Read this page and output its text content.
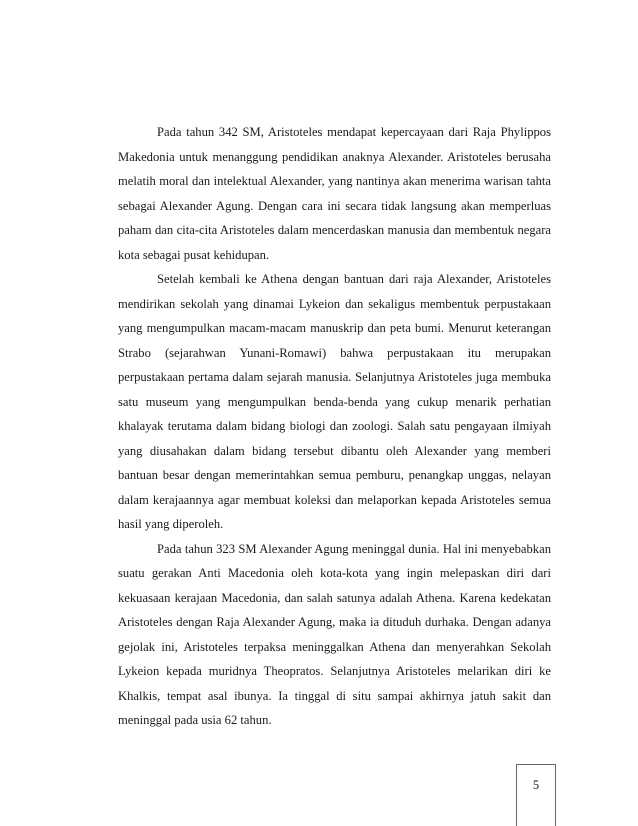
Pada tahun 342 SM, Aristoteles mendapat kepercayaan dari Raja Phylippos Makedonia untuk menanggung pendidikan anaknya Alexander. Aristoteles berusaha melatih moral dan intelektual Alexander, yang nantinya akan menerima warisan tahta sebagai Alexander Agung. Dengan cara ini secara tidak langsung akan memperluas paham dan cita-cita Aristoteles dalam mencerdaskan manusia dan membentuk negara kota sebagai pusat kehidupan.

Setelah kembali ke Athena dengan bantuan dari raja Alexander, Aristoteles mendirikan sekolah yang dinamai Lykeion dan sekaligus membentuk perpustakaan yang mengumpulkan macam-macam manuskrip dan peta bumi. Menurut keterangan Strabo (sejarahwan Yunani-Romawi) bahwa perpustakaan itu merupakan perpustakaan pertama dalam sejarah manusia. Selanjutnya Aristoteles juga membuka satu museum yang mengumpulkan benda-benda yang cukup menarik perhatian khalayak terutama dalam bidang biologi dan zoologi. Salah satu pengayaan ilmiyah yang diusahakan dalam bidang tersebut dibantu oleh Alexander yang memberi bantuan besar dengan memerintahkan semua pemburu, penangkap unggas, nelayan dalam kerajaannya agar membuat koleksi dan melaporkan kepada Aristoteles semua hasil yang diperoleh.

Pada tahun 323 SM Alexander Agung meninggal dunia. Hal ini menyebabkan suatu gerakan Anti Macedonia oleh kota-kota yang ingin melepaskan diri dari kekuasaan kerajaan Macedonia, dan salah satunya adalah Athena. Karena kedekatan Aristoteles dengan Raja Alexander Agung, maka ia dituduh durhaka. Dengan adanya gejolak ini, Aristoteles terpaksa meninggalkan Athena dan menyerahkan Sekolah Lykeion kepada muridnya Theopratos. Selanjutnya Aristoteles melarikan diri ke Khalkis, tempat asal ibunya. Ia tinggal di situ sampai akhirnya jatuh sakit dan meninggal pada usia 62 tahun.

5
